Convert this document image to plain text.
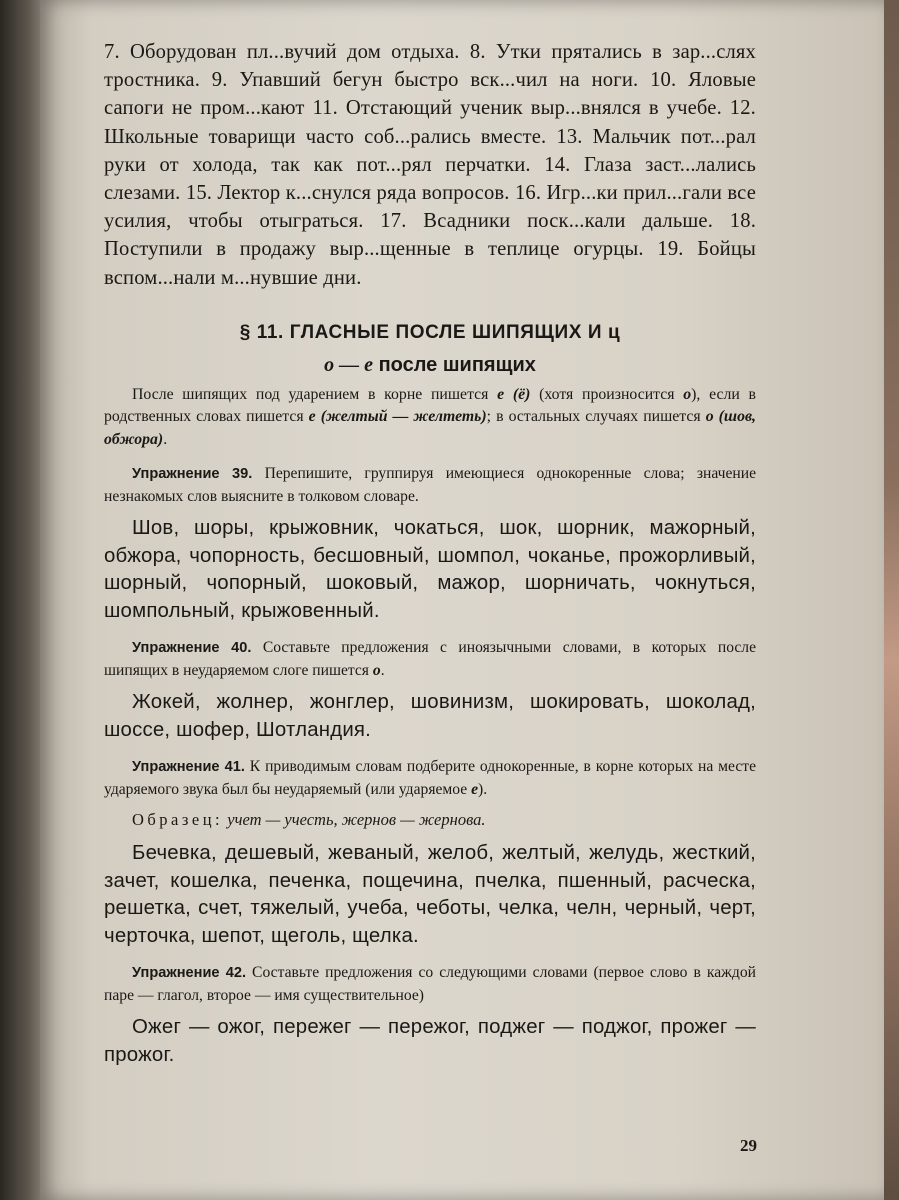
7. Оборудован пл...вучий дом отдыха. 8. Утки прятались в зар...слях тростника. 9. Упавший бегун быстро вск...чил на ноги. 10. Яловые сапоги не пром...кают 11. Отстающий ученик выр...внялся в учебе. 12. Школьные товарищи часто соб...рались вместе. 13. Мальчик пот...рал руки от холода, так как пот...рял перчатки. 14. Глаза заст...лались слезами. 15. Лектор к...снулся ряда вопросов. 16. Игр...ки прил...гали все усилия, чтобы отыграться. 17. Всадники поск...кали дальше. 18. Поступили в продажу выр...щенные в теплице огурцы. 19. Бойцы вспом...нали м...нувшие дни.

§ 11. ГЛАСНЫЕ ПОСЛЕ ШИПЯЩИХ И ц

о — е после шипящих

После шипящих под ударением в корне пишется е (ё) (хотя произносится о), если в родственных словах пишется е (желтый — желтеть); в остальных случаях пишется о (шов, обжора).

Упражнение 39. Перепишите, группируя имеющиеся однокоренные слова; значение незнакомых слов выясните в толковом словаре.

Шов, шоры, крыжовник, чокаться, шок, шорник, мажорный, обжора, чопорность, бесшовный, шомпол, чоканье, прожорливый, шорный, чопорный, шоковый, мажор, шорничать, чокнуться, шомпольный, крыжовенный.

Упражнение 40. Составьте предложения с иноязычными словами, в которых после шипящих в неударяемом слоге пишется о.

Жокей, жолнер, жонглер, шовинизм, шокировать, шоколад, шоссе, шофер, Шотландия.

Упражнение 41. К приводимым словам подберите однокоренные, в корне которых на месте ударяемого звука был бы неударяемый (или ударяемое е).

Образец: учет — учесть, жернов — жернова.

Бечевка, дешевый, жеваный, желоб, желтый, желудь, жесткий, зачет, кошелка, печенка, пощечина, пчелка, пшенный, расческа, решетка, счет, тяжелый, учеба, чеботы, челка, челн, черный, черт, черточка, шепот, щеголь, щелка.

Упражнение 42. Составьте предложения со следующими словами (первое слово в каждой паре — глагол, второе — имя существительное)

Ожег — ожог, пережег — пережог, поджег — поджог, прожег — прожог.

29
